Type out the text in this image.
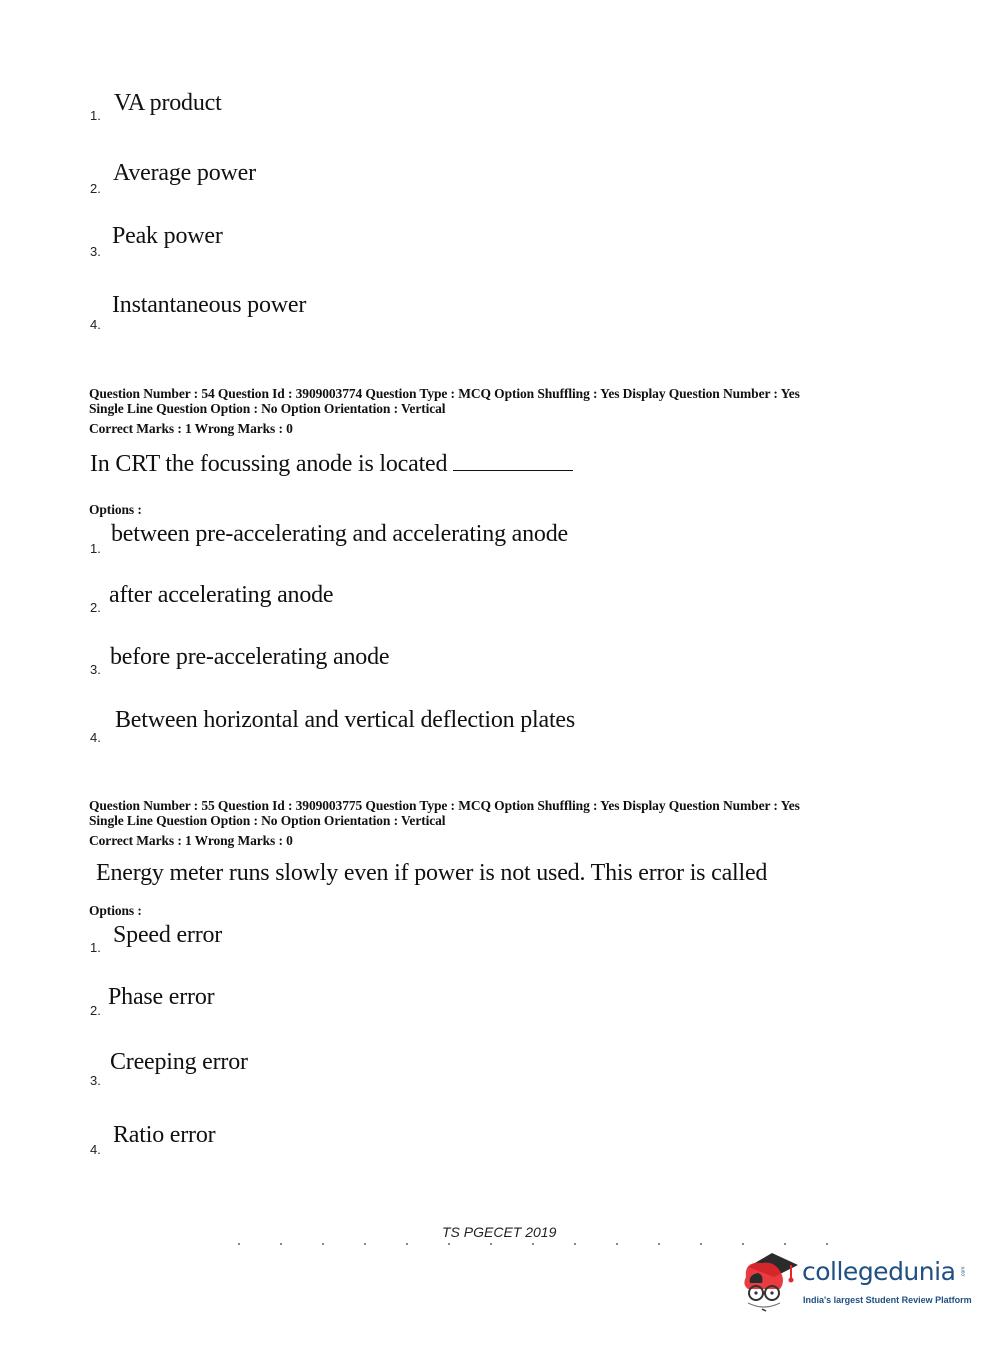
1. VA product
2.
Average power
3.
Peak power
4.
Instantaneous power
Question Number : 54 Question Id : 3909003774 Question Type : MCQ Option Shuffling : Yes Display Question Number : Yes
Single Line Question Option : No Option Orientation : Vertical
Correct Marks : 1 Wrong Marks : 0
In CRT the focussing anode is located
Options :
1.
between pre-accelerating and accelerating anode
2. after accelerating anode
3. before pre-accelerating anode
4.
Between horizontal and vertical deflection plates
Question Number : 55 Question Id : 3909003775 Question Type : MCQ Option Shuffling : Yes Display Question Number : Yes
Single Line Question Option : No Option Orientation : Vertical
Correct Marks : 1 Wrong Marks : 0
Energy meter runs slowly even if power is not used. This error is called
Options :
1. Speed error
2.
Phase error
3.
Creeping error
4.
Ratio error
TS PGECET 2019
collegedunia .com
India's largest Student Review Platform
